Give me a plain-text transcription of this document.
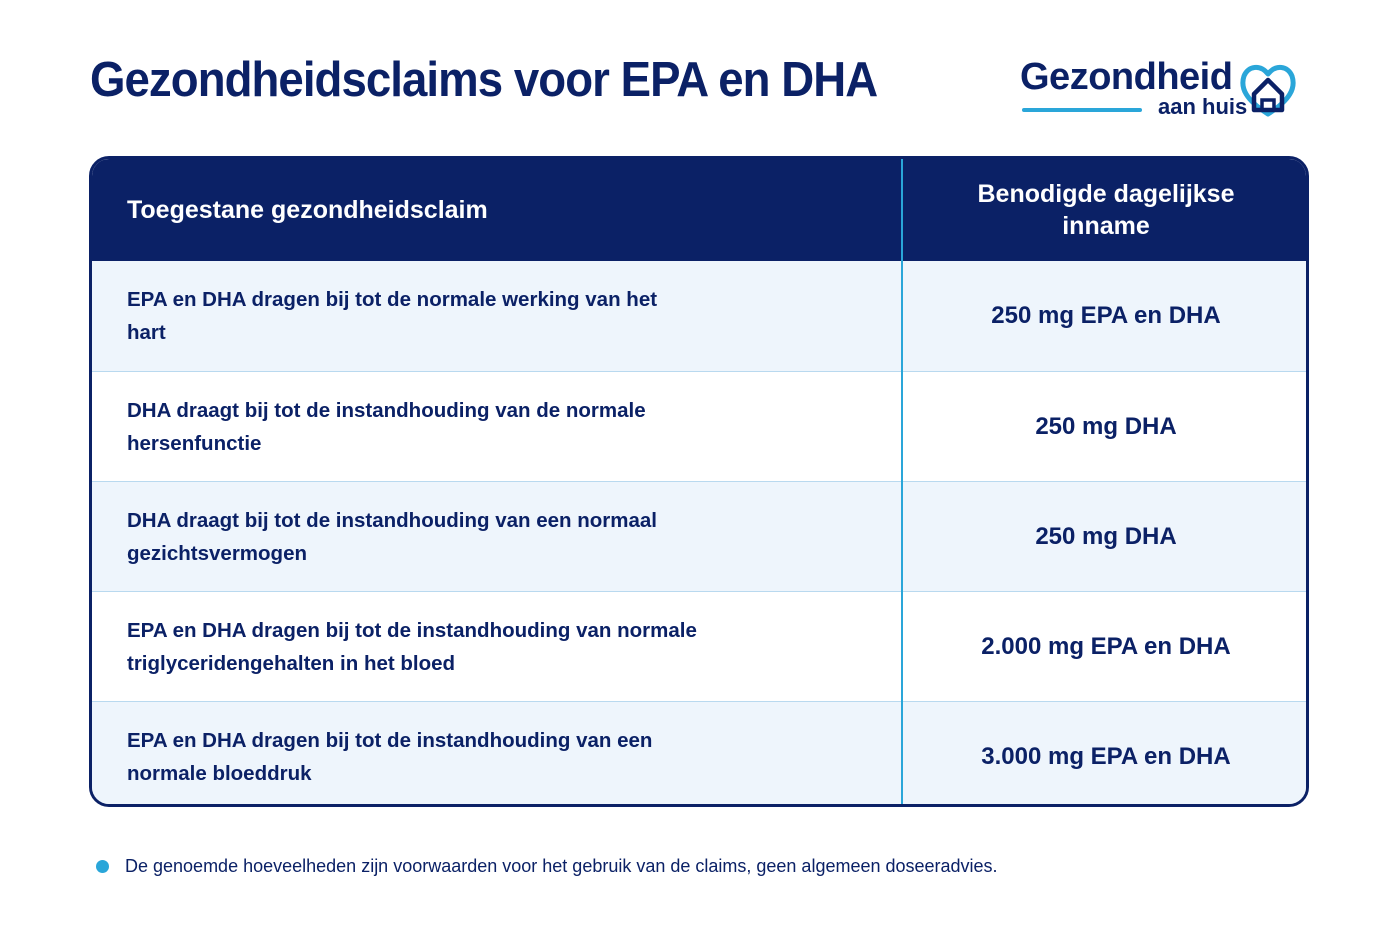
Gezondheidsclaims voor EPA en DHA	Gezondheid
aan huis
Toegestane gezondheidsclaim
Benodigde dagelijkse inname
EPA en DHA dragen bij tot de normale werking van het hart
250 mg EPA en DHA
DHA draagt bij tot de instandhouding van de normale hersenfunctie
250 mg DHA
DHA draagt bij tot de instandhouding van een normaal gezichtsvermogen
250 mg DHA
EPA en DHA dragen bij tot de instandhouding van normale triglyceridengehalten in het bloed
2.000 mg EPA en DHA
EPA en DHA dragen bij tot de instandhouding van een normale bloeddruk
3.000 mg EPA en DHA
De genoemde hoeveelheden zijn voorwaarden voor het gebruik van de claims, geen algemeen doseeradvies.
